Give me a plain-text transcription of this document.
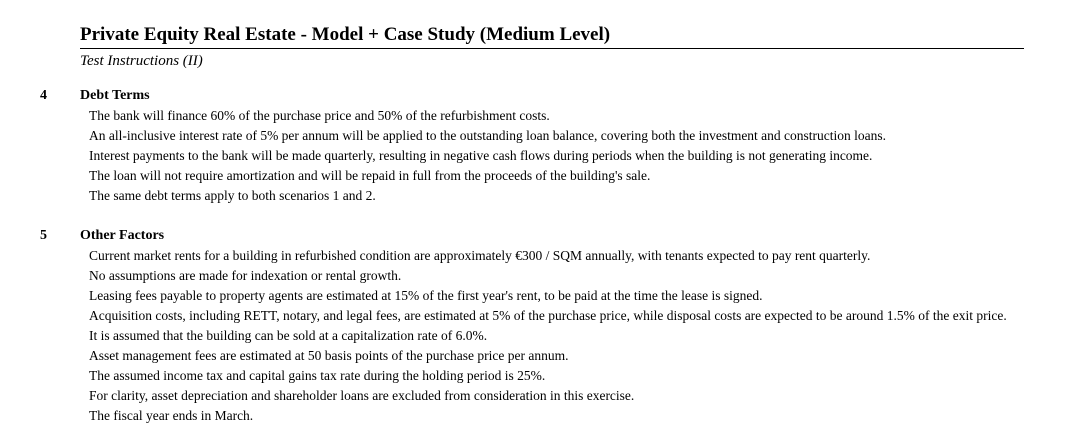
Private Equity Real Estate - Model + Case Study (Medium Level)
Test Instructions (II)
4 Debt Terms
The bank will finance 60% of the purchase price and 50% of the refurbishment costs.
An all-inclusive interest rate of 5% per annum will be applied to the outstanding loan balance, covering both the investment and construction loans.
Interest payments to the bank will be made quarterly, resulting in negative cash flows during periods when the building is not generating income.
The loan will not require amortization and will be repaid in full from the proceeds of the building's sale.
The same debt terms apply to both scenarios 1 and 2.
5 Other Factors
Current market rents for a building in refurbished condition are approximately €300 / SQM annually, with tenants expected to pay rent quarterly.
No assumptions are made for indexation or rental growth.
Leasing fees payable to property agents are estimated at 15% of the first year's rent, to be paid at the time the lease is signed.
Acquisition costs, including RETT, notary, and legal fees, are estimated at 5% of the purchase price, while disposal costs are expected to be around 1.5% of the exit price.
It is assumed that the building can be sold at a capitalization rate of 6.0%.
Asset management fees are estimated at 50 basis points of the purchase price per annum.
The assumed income tax and capital gains tax rate during the holding period is 25%.
For clarity, asset depreciation and shareholder loans are excluded from consideration in this exercise.
The fiscal year ends in March.
